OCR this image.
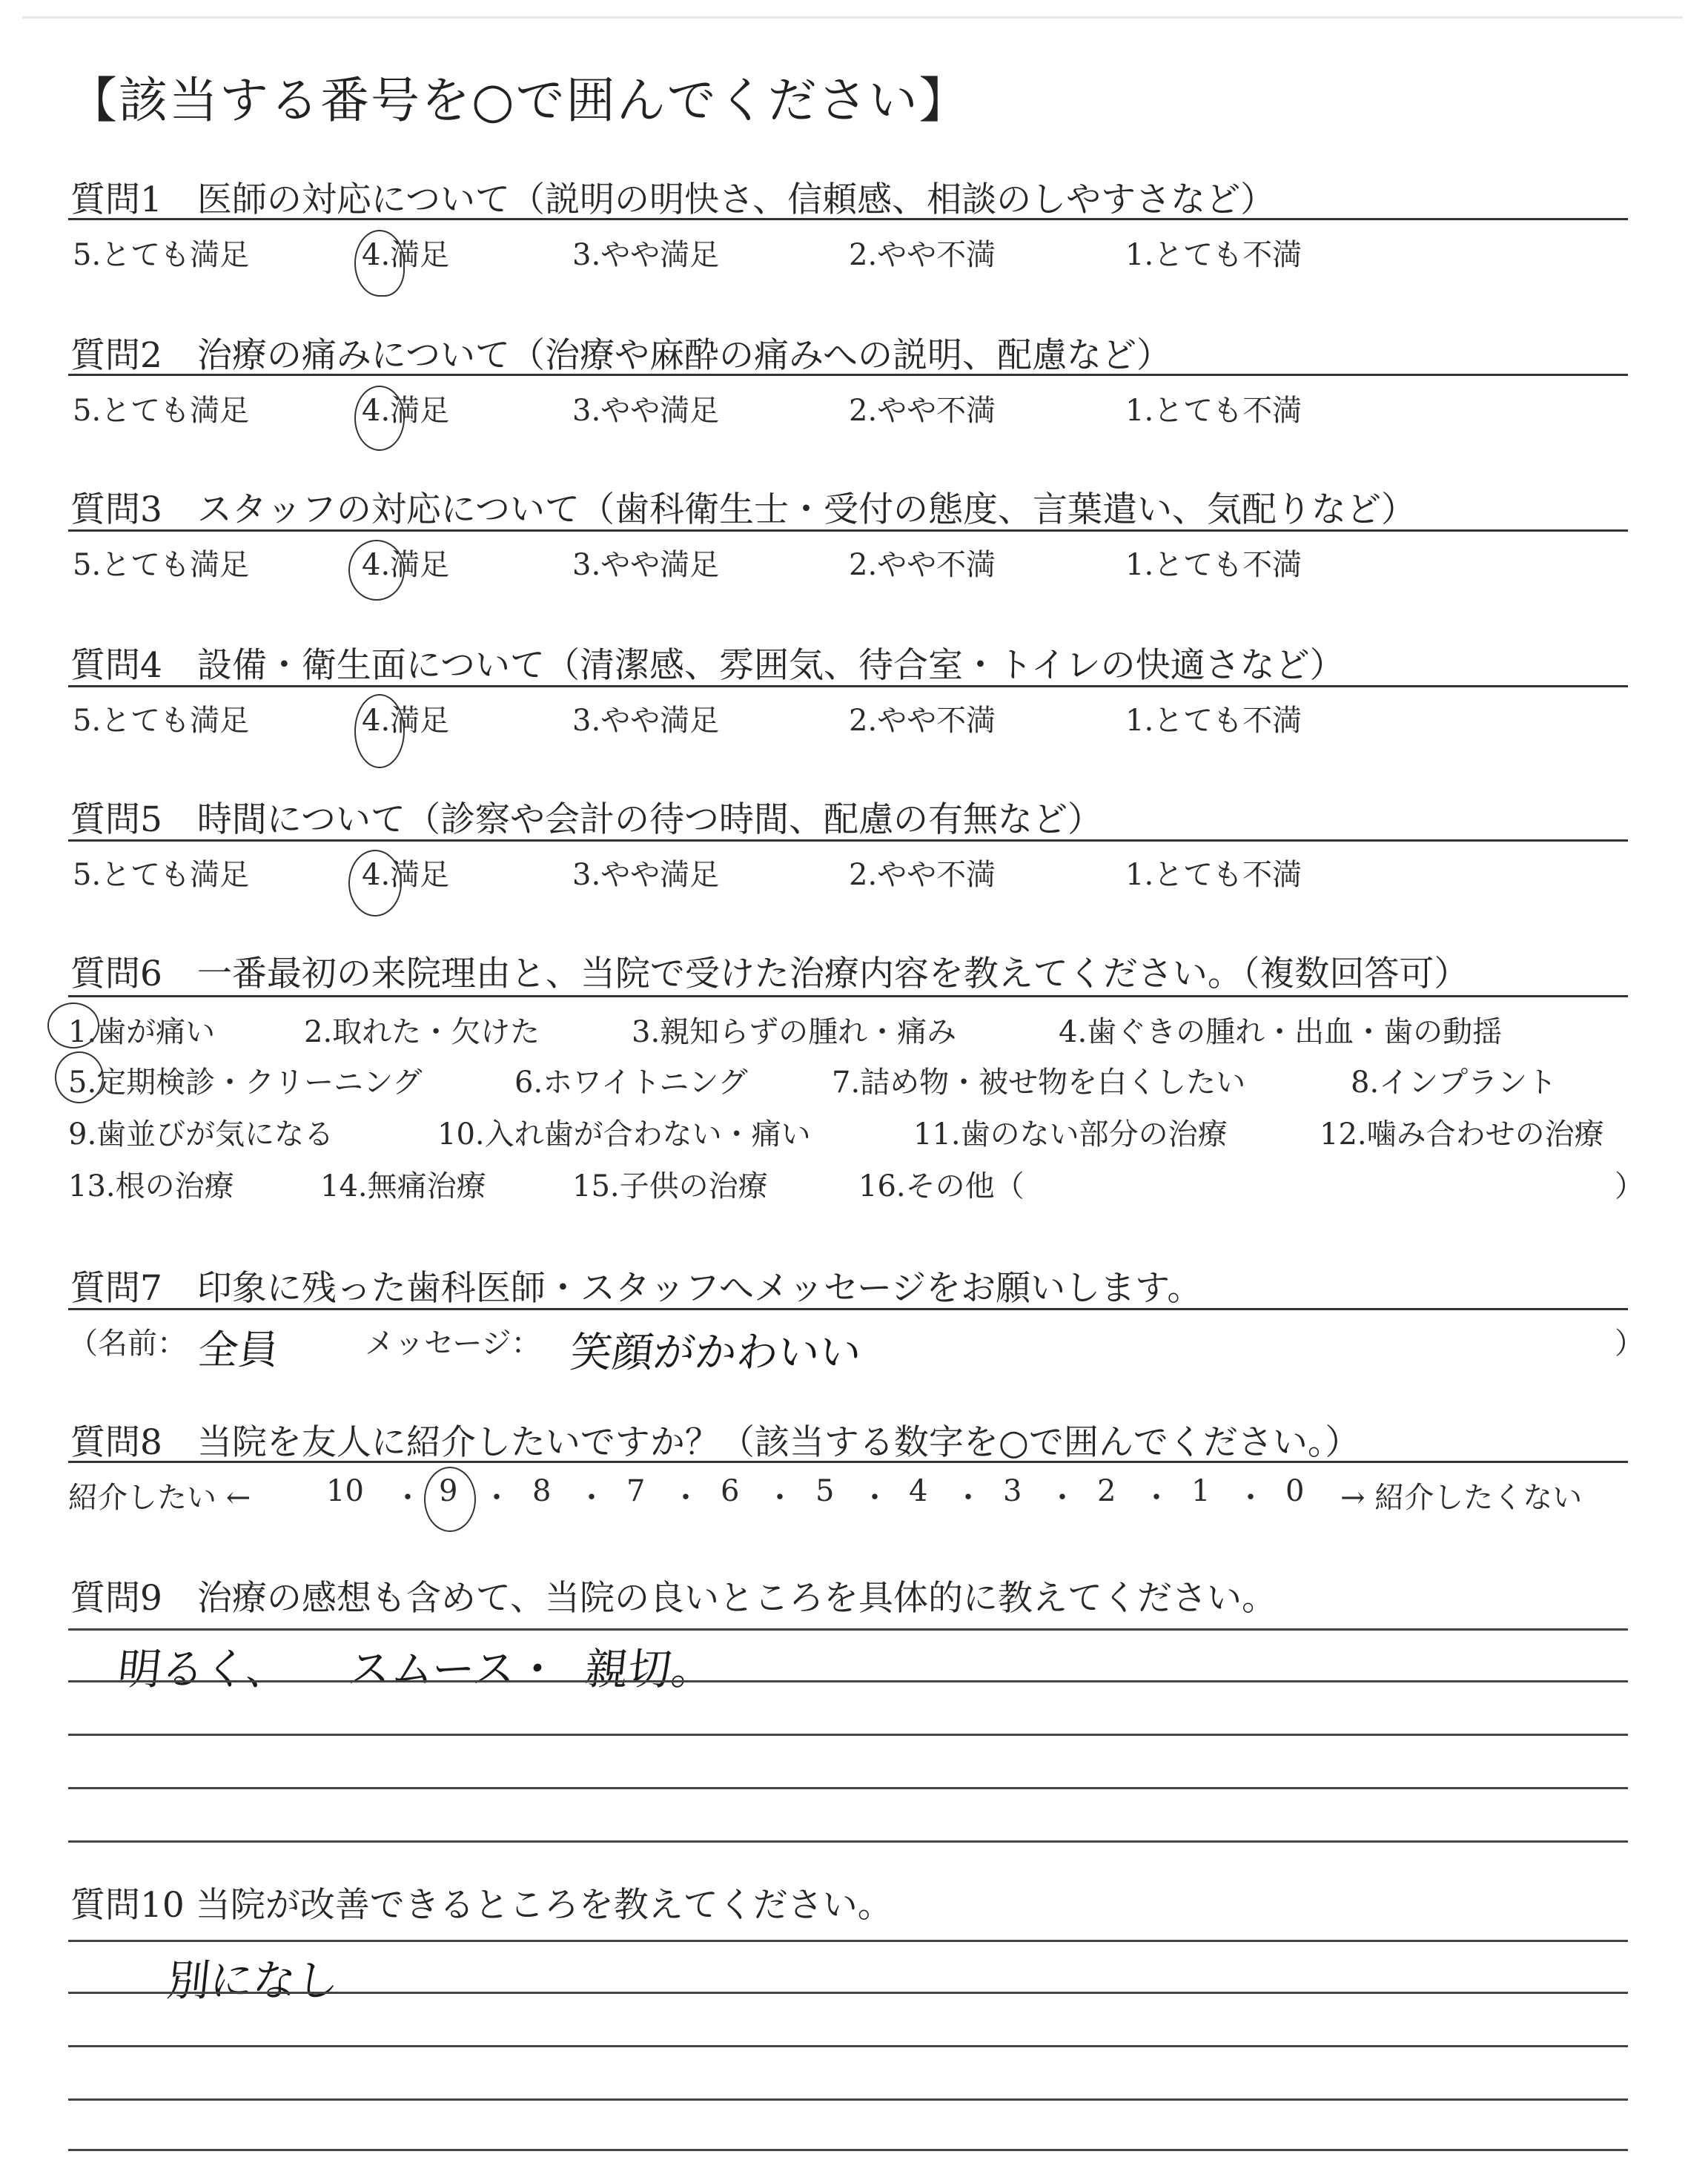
【該当する番号を○で囲んでください】
質問1　医師の対応について（説明の明快さ、信頼感、相談のしやすさなど）
5.とても満足	4.満足	3.やや満足	2.やや不満	1.とても不満
質問2　治療の痛みについて（治療や麻酔の痛みへの説明、配慮など）
5.とても満足	4.満足	3.やや満足	2.やや不満	1.とても不満
質問3　スタッフの対応について（歯科衛生士・受付の態度、言葉遣い、気配りなど）
5.とても満足	4.満足	3.やや満足	2.やや不満	1.とても不満
質問4　設備・衛生面について（清潔感、雰囲気、待合室・トイレの快適さなど）
5.とても満足	4.満足	3.やや満足	2.やや不満	1.とても不満
質問5　時間について（診察や会計の待つ時間、配慮の有無など）
5.とても満足	4.満足	3.やや満足	2.やや不満	1.とても不満
質問6　一番最初の来院理由と、当院で受けた治療内容を教えてください。（複数回答可）
1.歯が痛い	2.取れた・欠けた	3.親知らずの腫れ・痛み	4.歯ぐきの腫れ・出血・歯の動揺
5.定期検診・クリーニング	6.ホワイトニング	7.詰め物・被せ物を白くしたい	8.インプラント
9.歯並びが気になる	10.入れ歯が合わない・痛い	11.歯のない部分の治療	12.噛み合わせの治療
13.根の治療	14.無痛治療	15.子供の治療	16.その他（	）
質問7　印象に残った歯科医師・スタッフへメッセージをお願いします。
（名前： 全員	メッセージ： 笑顔がかわいい	）
質問8　当院を友人に紹介したいですか？（該当する数字を○で囲んでください。）
紹介したい ←	10 ・ 9 ・ 8 ・ 7 ・ 6 ・ 5 ・ 4 ・ 3 ・ 2 ・ 1 ・ 0 → 紹介したくない
質問9　治療の感想も含めて、当院の良いところを具体的に教えてください。
明るく、 スムース・ 親切。
質問10 当院が改善できるところを教えてください。
別になし
